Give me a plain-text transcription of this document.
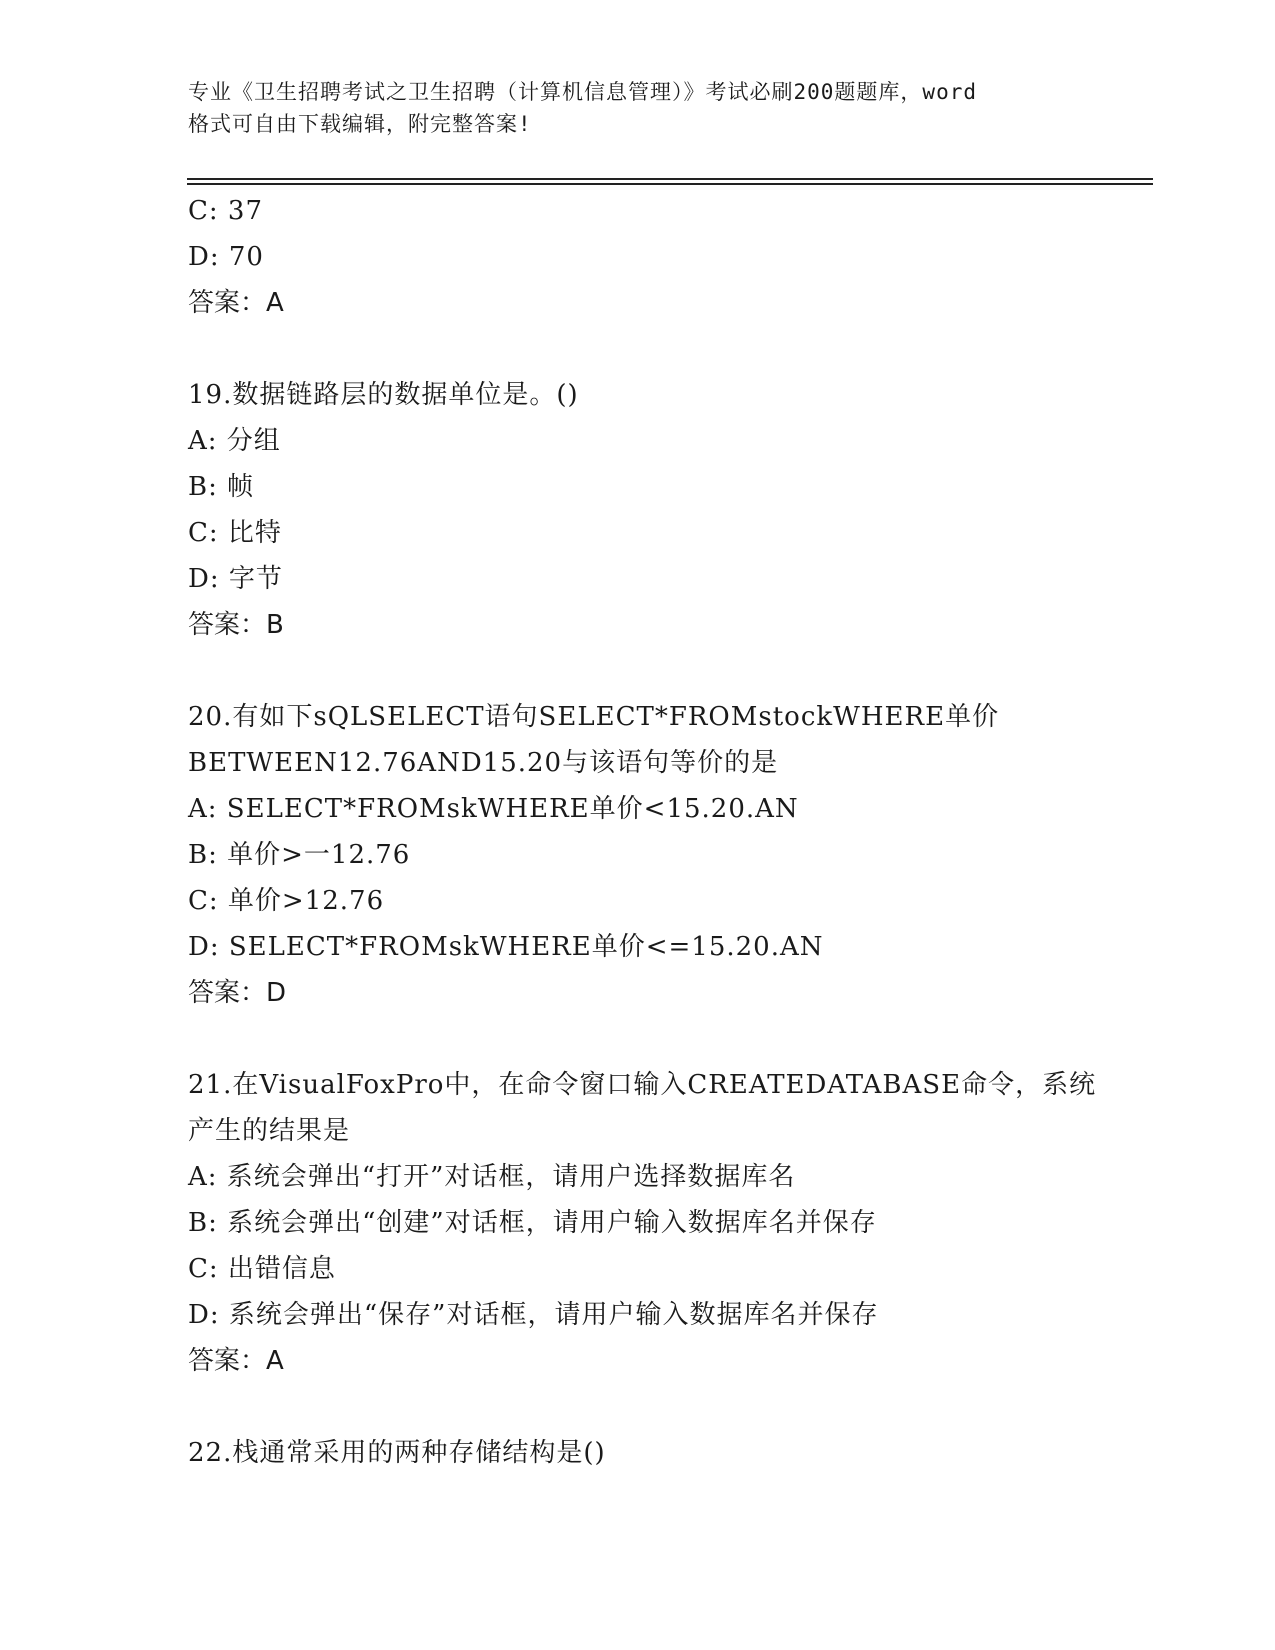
专业《卫生招聘考试之卫生招聘（计算机信息管理）》考试必刷200题题库，word
格式可自由下载编辑，附完整答案!
C: 37
D: 70
答案：A
19.数据链路层的数据单位是。()
A: 分组
B: 帧
C: 比特
D: 字节
答案：B
20.有如下sQLSELECT语句SELECT*FROMstockWHERE单价
BETWEEN12.76AND15.20与该语句等价的是
A: SELECT*FROMskWHERE单价<15.20.AN
B: 单价>一12.76
C: 单价>12.76
D: SELECT*FROMskWHERE单价<=15.20.AN
答案：D
21.在VisualFoxPro中，在命令窗口输入CREATEDATABASE命令，系统
产生的结果是
A: 系统会弹出“打开”对话框，请用户选择数据库名
B: 系统会弹出“创建”对话框，请用户输入数据库名并保存
C: 出错信息
D: 系统会弹出“保存”对话框，请用户输入数据库名并保存
答案：A
22.栈通常采用的两种存储结构是()
